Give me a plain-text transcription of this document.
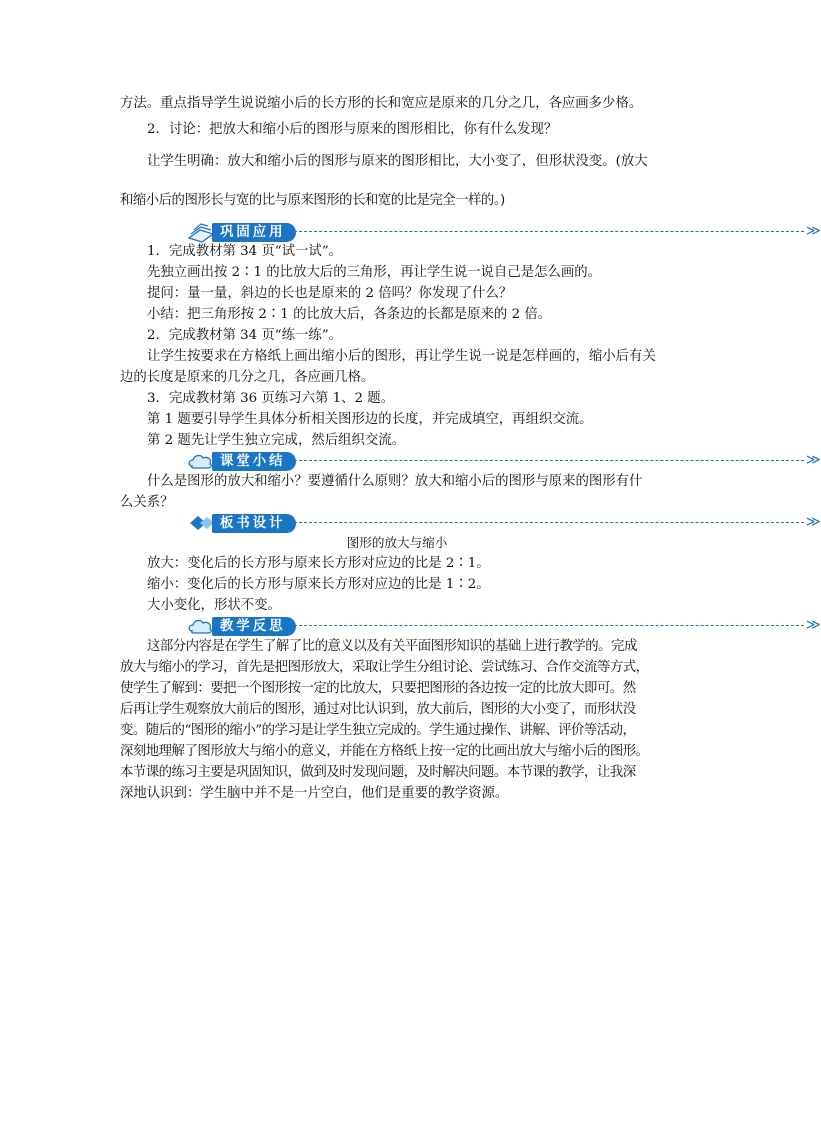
方法。重点指导学生说说缩小后的长方形的长和宽应是原来的几分之几，各应画多少格。
2．讨论：把放大和缩小后的图形与原来的图形相比，你有什么发现？
让学生明确：放大和缩小后的图形与原来的图形相比，大小变了，但形状没变。(放大
和缩小后的图形长与宽的比与原来图形的长和宽的比是完全一样的。)
巩固应用	≫
1．完成教材第 34 页“试一试”。
先独立画出按 2∶1 的比放大后的三角形，再让学生说一说自己是怎么画的。
提问：量一量，斜边的长也是原来的 2 倍吗？你发现了什么？
小结：把三角形按 2∶1 的比放大后，各条边的长都是原来的 2 倍。
2．完成教材第 34 页“练一练”。
让学生按要求在方格纸上画出缩小后的图形，再让学生说一说是怎样画的，缩小后有关
边的长度是原来的几分之几，各应画几格。
3．完成教材第 36 页练习六第 1、2 题。
第 1 题要引导学生具体分析相关图形边的长度，并完成填空，再组织交流。
第 2 题先让学生独立完成，然后组织交流。
课堂小结	≫
什么是图形的放大和缩小？要遵循什么原则？放大和缩小后的图形与原来的图形有什
么关系？
板书设计	≫
图形的放大与缩小
放大：变化后的长方形与原来长方形对应边的比是 2∶1。
缩小：变化后的长方形与原来长方形对应边的比是 1∶2。
大小变化，形状不变。
教学反思	≫
这部分内容是在学生了解了比的意义以及有关平面图形知识的基础上进行教学的。完成
放大与缩小的学习，首先是把图形放大，采取让学生分组讨论、尝试练习、合作交流等方式，
使学生了解到：要把一个图形按一定的比放大，只要把图形的各边按一定的比放大即可。然
后再让学生观察放大前后的图形，通过对比认识到，放大前后，图形的大小变了，而形状没
变。随后的“图形的缩小”的学习是让学生独立完成的。学生通过操作、讲解、评价等活动，
深刻地理解了图形放大与缩小的意义，并能在方格纸上按一定的比画出放大与缩小后的图形。
本节课的练习主要是巩固知识，做到及时发现问题，及时解决问题。本节课的教学，让我深
深地认识到：学生脑中并不是一片空白，他们是重要的教学资源。
